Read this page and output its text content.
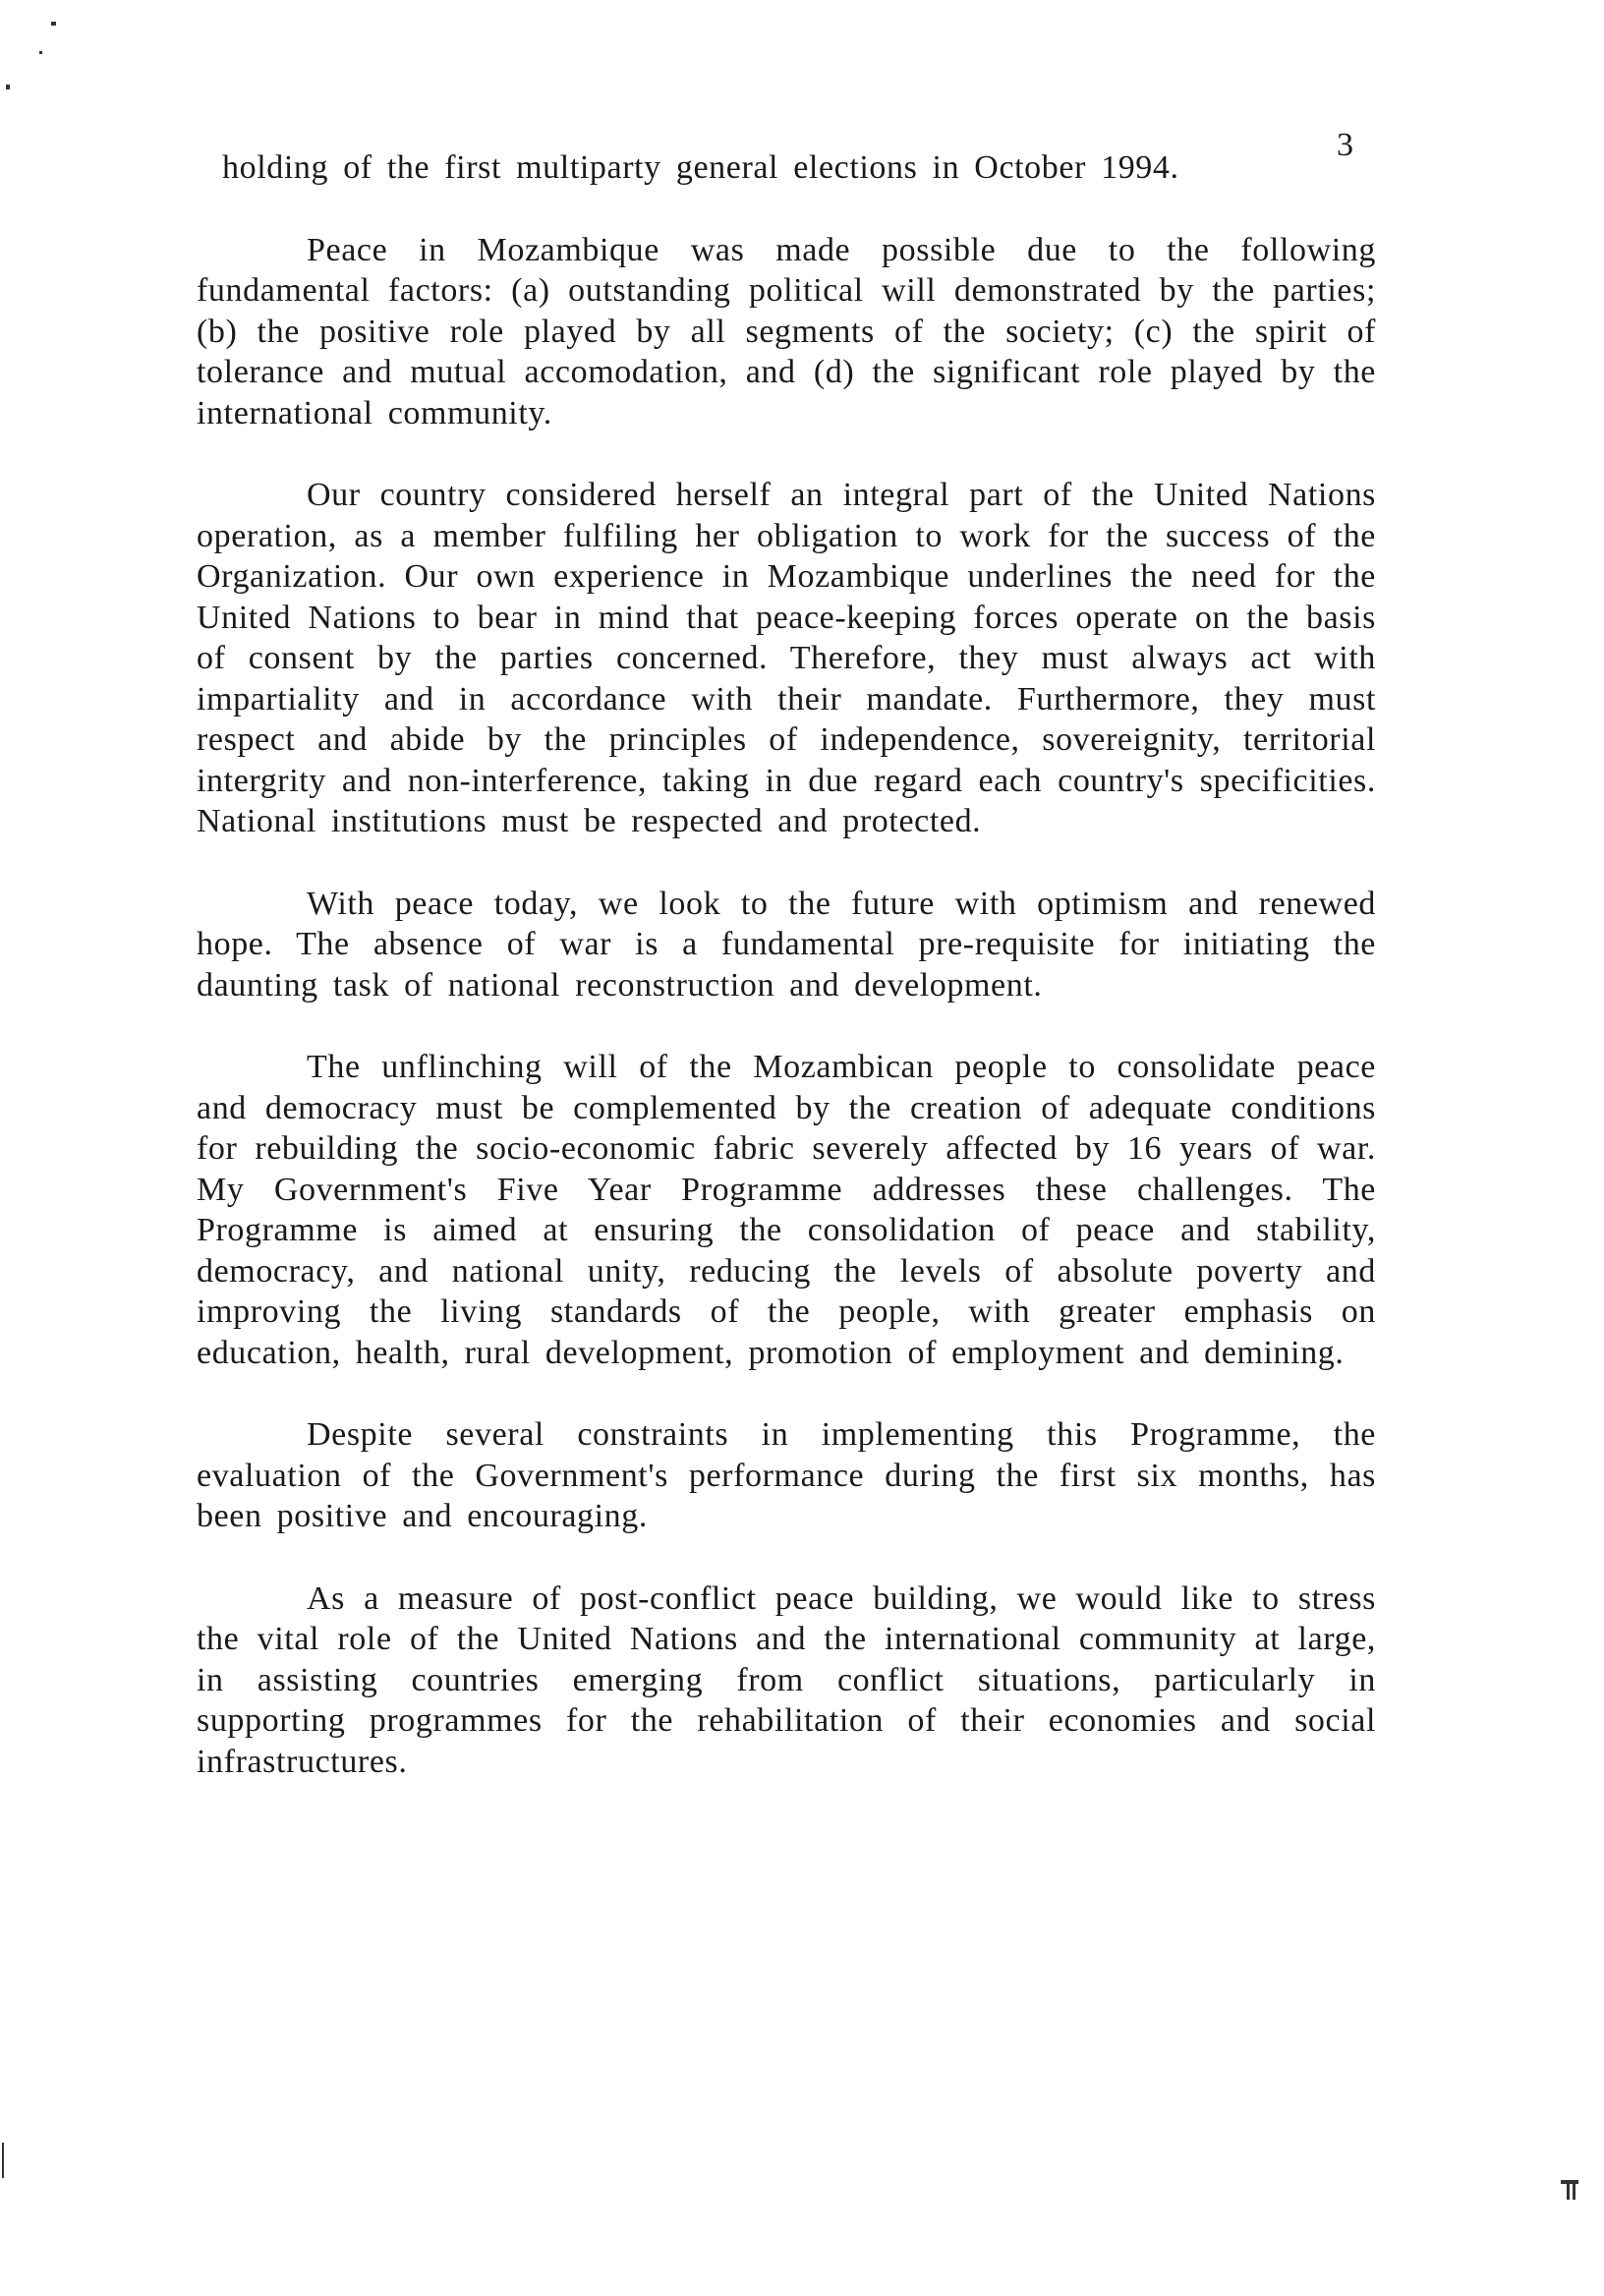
3

holding of the first multiparty general elections in October 1994.

Peace in Mozambique was made possible due to the following fundamental factors: (a) outstanding political will demonstrated by the parties; (b) the positive role played by all segments of the society; (c) the spirit of tolerance and mutual accomodation, and (d) the significant role played by the international community.

Our country considered herself an integral part of the United Nations operation, as a member fulfiling her obligation to work for the success of the Organization. Our own experience in Mozambique underlines the need for the United Nations to bear in mind that peace-keeping forces operate on the basis of consent by the parties concerned. Therefore, they must always act with impartiality and in accordance with their mandate. Furthermore, they must respect and abide by the principles of independence, sovereignity, territorial intergrity and non-interference, taking in due regard each country's specificities. National institutions must be respected and protected.

With peace today, we look to the future with optimism and renewed hope. The absence of war is a fundamental pre-requisite for initiating the daunting task of national reconstruction and development.

The unflinching will of the Mozambican people to consolidate peace and democracy must be complemented by the creation of adequate conditions for rebuilding the socio-economic fabric severely affected by 16 years of war. My Government's Five Year Programme addresses these challenges. The Programme is aimed at ensuring the consolidation of peace and stability, democracy, and national unity, reducing the levels of absolute poverty and improving the living standards of the people, with greater emphasis on education, health, rural development, promotion of employment and demining.

Despite several constraints in implementing this Programme, the evaluation of the Government's performance during the first six months, has been positive and encouraging.

As a measure of post-conflict peace building, we would like to stress the vital role of the United Nations and the international community at large, in assisting countries emerging from conflict situations, particularly in supporting programmes for the rehabilitation of their economies and social infrastructures.
